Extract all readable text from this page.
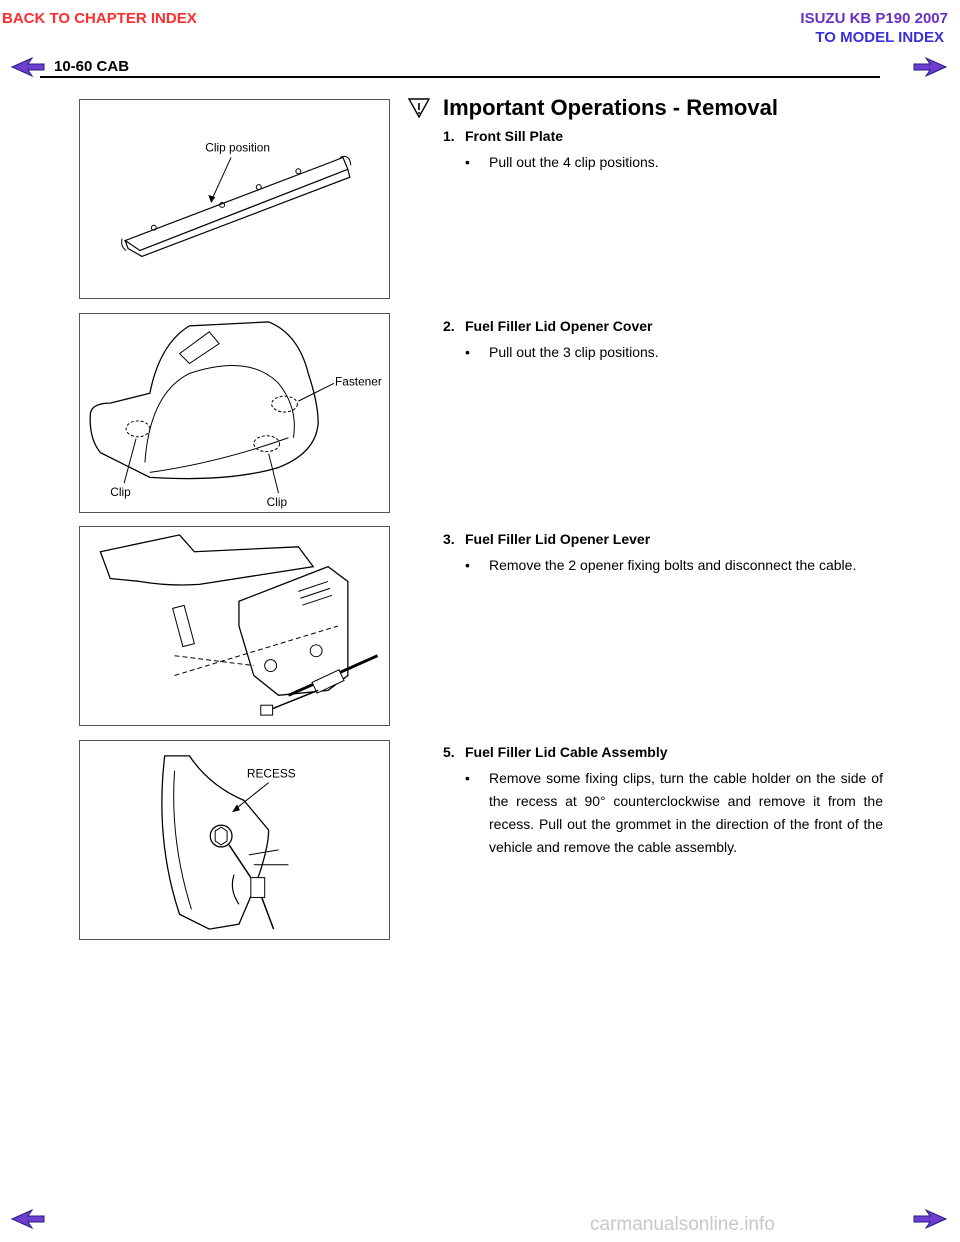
BACK TO CHAPTER INDEX	ISUZU KB P190 2007
TO MODEL INDEX
10-60 CAB
Important Operations - Removal
Clip position
Fastener
Clip
Clip
RECESS
1. Front Sill Plate
•	Pull out the 4 clip positions.
2. Fuel Filler Lid Opener Cover
•	Pull out the 3 clip positions.
3. Fuel Filler Lid Opener Lever
•	Remove the 2 opener fixing bolts and disconnect the cable.
5. Fuel Filler Lid Cable Assembly
•	Remove some fixing clips, turn the cable holder on the side of the recess at 90° counterclockwise and remove it from the recess. Pull out the grommet in the direction of the front of the vehicle and remove the cable assembly.
carmanualsonline.info
